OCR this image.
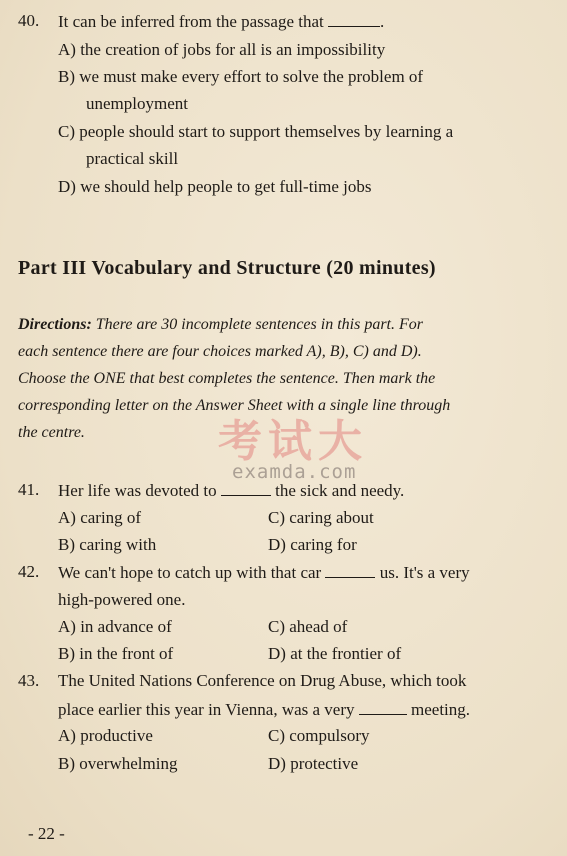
40. It can be inferred from the passage that	.
A) the creation of jobs for all is an impossibility
B) we must make every effort to solve the problem of
unemployment
C) people should start to support themselves by learning a
practical skill
D) we should help people to get full-time jobs
Part III Vocabulary and Structure (20 minutes)
Directions: There are 30 incomplete sentences in this part. For
each sentence there are four choices marked A), B), C) and D).
Choose the ONE that best completes the sentence. Then mark the
corresponding letter on the Answer Sheet with a single line through
the centre.	考试大
examda.com
41. Her life was devoted to	the sick and needy.
A) caring of	C) caring about
B) caring with	D) caring for
42. We can't hope to catch up with that car	us. It's a very
high-powered one.
A) in advance of	C) ahead of
B) in the front of	D) at the frontier of
43. The United Nations Conference on Drug Abuse, which took
place earlier this year in Vienna, was a very	meeting.
A) productive	C) compulsory
B) overwhelming	D) protective
- 22 -
